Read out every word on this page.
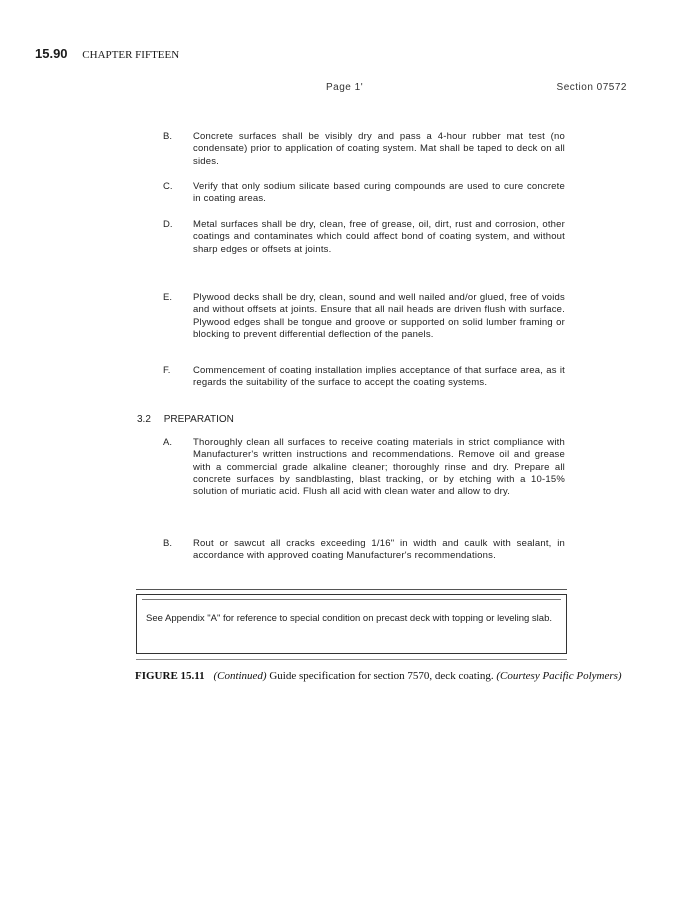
15.90 CHAPTER FIFTEEN
Page 1'	Section 07572
B. Concrete surfaces shall be visibly dry and pass a 4-hour rubber mat test (no condensate) prior to application of coating system. Mat shall be taped to deck on all sides.
C. Verify that only sodium silicate based curing compounds are used to cure concrete in coating areas.
D. Metal surfaces shall be dry, clean, free of grease, oil, dirt, rust and corrosion, other coatings and contaminates which could affect bond of coating system, and without sharp edges or offsets at joints.
E. Plywood decks shall be dry, clean, sound and well nailed and/or glued, free of voids and without offsets at joints. Ensure that all nail heads are driven flush with surface. Plywood edges shall be tongue and groove or supported on solid lumber framing or blocking to prevent differential deflection of the panels.
F. Commencement of coating installation implies acceptance of that surface area, as it regards the suitability of the surface to accept the coating systems.
3.2 PREPARATION
A. Thoroughly clean all surfaces to receive coating materials in strict compliance with Manufacturer's written instructions and recommendations. Remove oil and grease with a commercial grade alkaline cleaner; thoroughly rinse and dry. Prepare all concrete surfaces by sandblasting, blast tracking, or by etching with a 10-15% solution of muriatic acid. Flush all acid with clean water and allow to dry.
B. Rout or sawcut all cracks exceeding 1/16" in width and caulk with sealant, in accordance with approved coating Manufacturer's recommendations.
See Appendix "A" for reference to special condition on precast deck with topping or leveling slab.
FIGURE 15.11 (Continued) Guide specification for section 7570, deck coating. (Courtesy Pacific Polymers)
